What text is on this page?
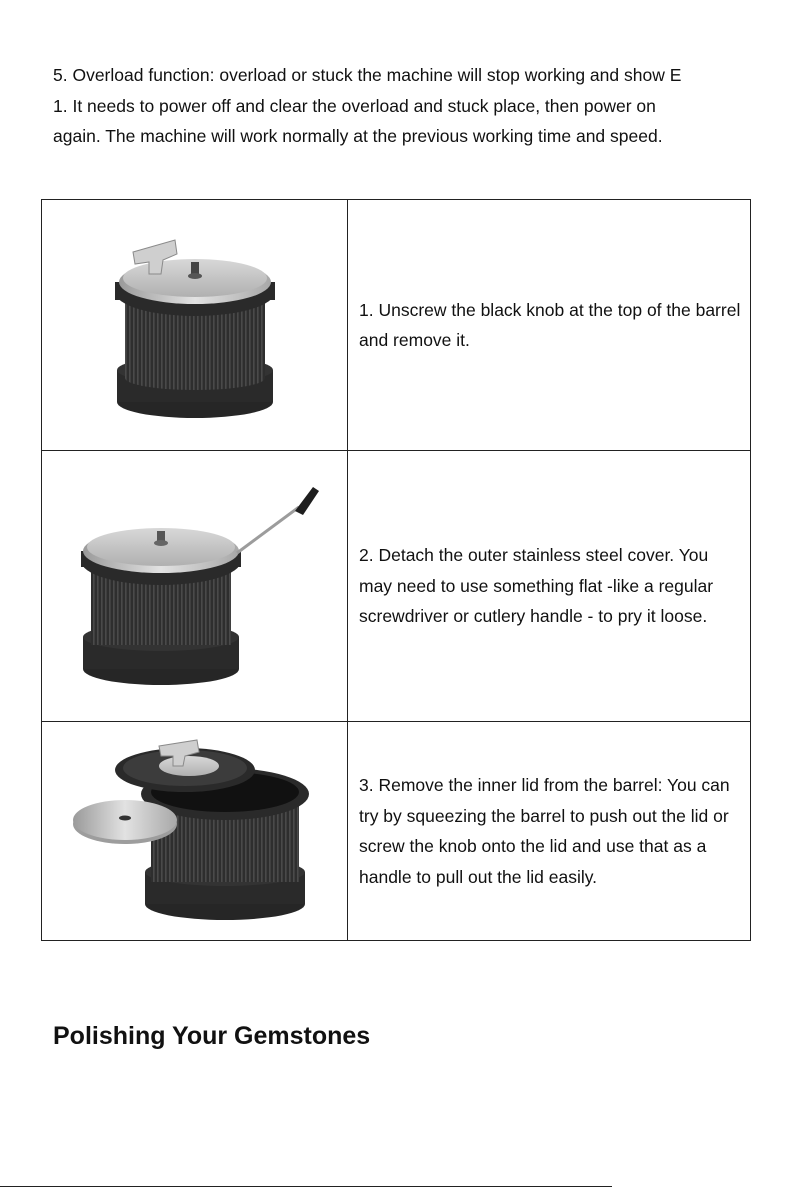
5. Overload function: overload or stuck the machine will stop working and show E
1. It needs to power off and clear the overload and stuck place, then power on
again. The machine will work normally at the previous working time and speed.

1. Unscrew the black knob at the top of the barrel and remove it.

2. Detach the outer stainless steel cover. You may need to use something flat -like a regular screwdriver or cutlery handle - to pry it loose.

3. Remove the inner lid from the barrel: You can try by squeezing the barrel to push out the lid or screw the knob onto the lid and use that as a handle to pull out the lid easily.

Polishing Your Gemstones
